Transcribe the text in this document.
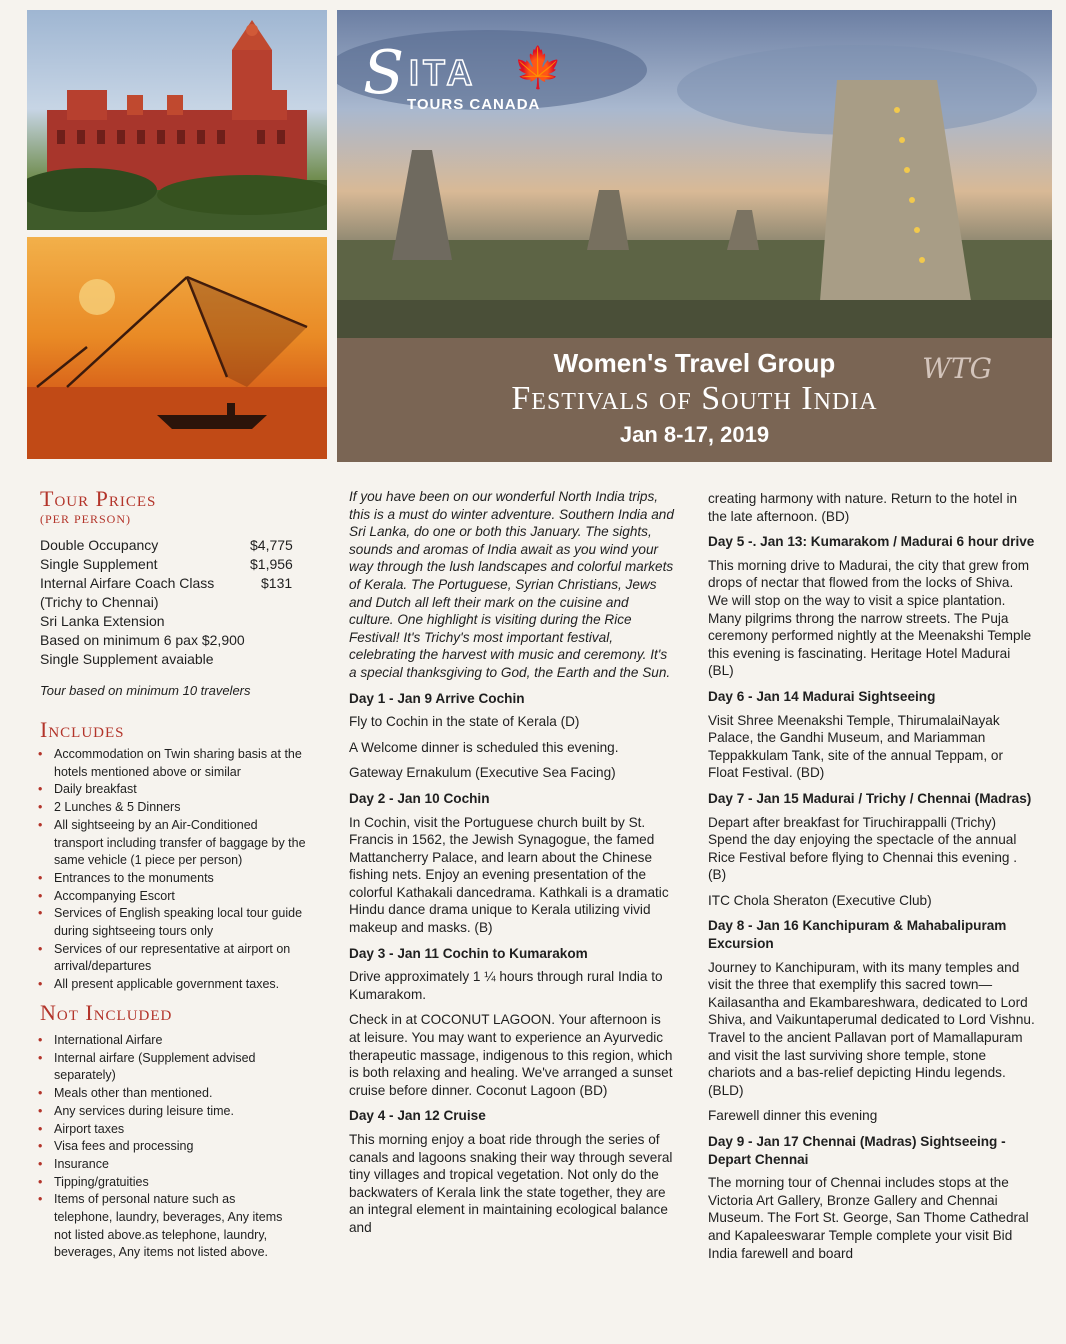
S ITA 🍁
TOURS CANADA
Women's Travel Group
Festivals of South India
Jan 8-17, 2019
WTG
Tour Prices
(PER PERSON)
Double Occupancy	$4,775
Single Supplement	$1,956
Internal Airfare Coach Class	$131
(Trichy to Chennai)
Sri Lanka Extension
Based on minimum 6 pax $2,900
Single Supplement avaiable
Tour based on minimum 10 travelers
Includes
• Accommodation on Twin sharing basis at the hotels mentioned above or similar
• Daily breakfast
• 2 Lunches & 5 Dinners
• All sightseeing by an Air-Conditioned transport including transfer of baggage by the same vehicle (1 piece per person)
• Entrances to the monuments
• Accompanying Escort
• Services of English speaking local tour guide during sightseeing tours only
• Services of our representative at airport on arrival/departures
• All present applicable government taxes.
Not Included
• International Airfare
• Internal airfare (Supplement advised separately)
• Meals other than mentioned.
• Any services during leisure time.
• Airport taxes
• Visa fees and processing
• Insurance
• Tipping/gratuities
• Items of personal nature such as telephone, laundry, beverages, Any items not listed above.as telephone, laundry, beverages, Any items not listed above.

If you have been on our wonderful North India trips, this is a must do winter adventure. Southern India and Sri Lanka, do one or both this January. The sights, sounds and aromas of India await as you wind your way through the lush landscapes and colorful markets of Kerala. The Portuguese, Syrian Christians, Jews and Dutch all left their mark on the cuisine and culture. One highlight is visiting during the Rice Festival! It's Trichy's most important festival, celebrating the harvest with music and ceremony. It's a special thanksgiving to God, the Earth and the Sun.

Day 1 - Jan 9 Arrive Cochin

Fly to Cochin in the state of Kerala (D)

A Welcome dinner is scheduled this evening.

Gateway Ernakulum (Executive Sea Facing)

Day 2 - Jan 10 Cochin

In Cochin, visit the Portuguese church built by St. Francis in 1562, the Jewish Synagogue, the famed Mattancherry Palace, and learn about the Chinese fishing nets. Enjoy an evening presentation of the colorful Kathakali dancedrama. Kathkali is a dramatic Hindu dance drama unique to Kerala utilizing vivid makeup and masks. (B)

Day 3 - Jan 11 Cochin to Kumarakom

Drive approximately 1 ¼ hours through rural India to Kumarakom.

Check in at COCONUT LAGOON. Your afternoon is at leisure. You may want to experience an Ayurvedic therapeutic massage, indigenous to this region, which is both relaxing and healing. We've arranged a sunset cruise before dinner. Coconut Lagoon (BD)

Day 4 - Jan 12 Cruise

This morning enjoy a boat ride through the series of canals and lagoons snaking their way through several tiny villages and tropical vegetation. Not only do the backwaters of Kerala link the state together, they are an integral element in maintaining ecological balance and

creating harmony with nature. Return to the hotel in the late afternoon. (BD)

Day 5 -. Jan 13: Kumarakom / Madurai 6 hour drive

This morning drive to Madurai, the city that grew from drops of nectar that flowed from the locks of Shiva. We will stop on the way to visit a spice plantation. Many pilgrims throng the narrow streets. The Puja ceremony performed nightly at the Meenakshi Temple this evening is fascinating. Heritage Hotel Madurai (BL)

Day 6 - Jan 14 Madurai Sightseeing

Visit Shree Meenakshi Temple, ThirumalaiNayak Palace, the Gandhi Museum, and Mariamman Teppakkulam Tank, site of the annual Teppam, or Float Festival. (BD)

Day 7 - Jan 15 Madurai / Trichy / Chennai (Madras)

Depart after breakfast for Tiruchirappalli (Trichy) Spend the day enjoying the spectacle of the annual Rice Festival before flying to Chennai this evening . (B)

ITC Chola Sheraton (Executive Club)

Day 8 - Jan 16 Kanchipuram & Mahabalipuram Excursion

Journey to Kanchipuram, with its many temples and visit the three that exemplify this sacred town—Kailasantha and Ekambareshwara, dedicated to Lord Shiva, and Vaikuntaperumal dedicated to Lord Vishnu. Travel to the ancient Pallavan port of Mamallapuram and visit the last surviving shore temple, stone chariots and a bas-relief depicting Hindu legends. (BLD)

Farewell dinner this evening

Day 9 - Jan 17 Chennai (Madras) Sightseeing - Depart Chennai

The morning tour of Chennai includes stops at the Victoria Art Gallery, Bronze Gallery and Chennai Museum. The Fort St. George, San Thome Cathedral and Kapaleeswarar Temple complete your visit Bid India farewell and board
